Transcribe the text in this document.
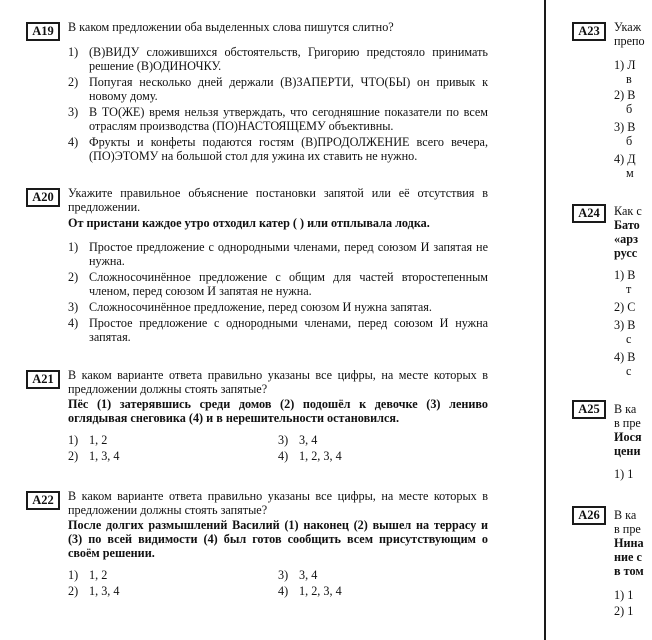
A19	В каком предложении оба выделенных слова пишутся слитно?
1) (В)ВИДУ сложившихся обстоятельств, Григорию предстояло принимать решение (В)ОДИНОЧКУ.
2) Попугая несколько дней держали (В)ЗАПЕРТИ, ЧТО(БЫ) он привык к новому дому.
3) В ТО(ЖЕ) время нельзя утверждать, что сегодняшние показатели по всем отраслям производства (ПО)НАСТОЯЩЕМУ объективны.
4) Фрукты и конфеты подаются гостям (В)ПРОДОЛЖЕНИЕ всего вечера, (ПО)ЭТОМУ на большой стол для ужина их ставить не нужно.
A20	Укажите правильное объяснение постановки запятой или её отсутствия в предложении.
От пристани каждое утро отходил катер ( ) или отплывала лодка.
1) Простое предложение с однородными членами, перед союзом И запятая не нужна.
2) Сложносочинённое предложение с общим для частей второстепенным членом, перед союзом И запятая не нужна.
3) Сложносочинённое предложение, перед союзом И нужна запятая.
4) Простое предложение с однородными членами, перед союзом И нужна запятая.
A21	В каком варианте ответа правильно указаны все цифры, на месте которых в предложении должны стоять запятые?
Пёс (1) затерявшись среди домов (2) подошёл к девочке (3) лениво оглядывая снеговика (4) и в нерешительности остановился.
1) 1, 2	3) 3, 4
2) 1, 3, 4	4) 1, 2, 3, 4
A22	В каком варианте ответа правильно указаны все цифры, на месте которых в предложении должны стоять запятые?
После долгих размышлений Василий (1) наконец (2) вышел на террасу и (3) по всей видимости (4) был готов сообщить всем присутствующим о своём решении.
1) 1, 2	3) 3, 4
2) 1, 3, 4	4) 1, 2, 3, 4
A23	Укаж
препо
1) Л
в
2) В
б
3) В
б
4) Д
м
A24	Как с
Бато
«арз
русс
1) В
т
2) С
3) В
с
4) В
с
A25	В ка
в пре
Иося
цени
1) 1
A26	В ка
в пре
Нина
ние с
в том
1) 1
2) 1
